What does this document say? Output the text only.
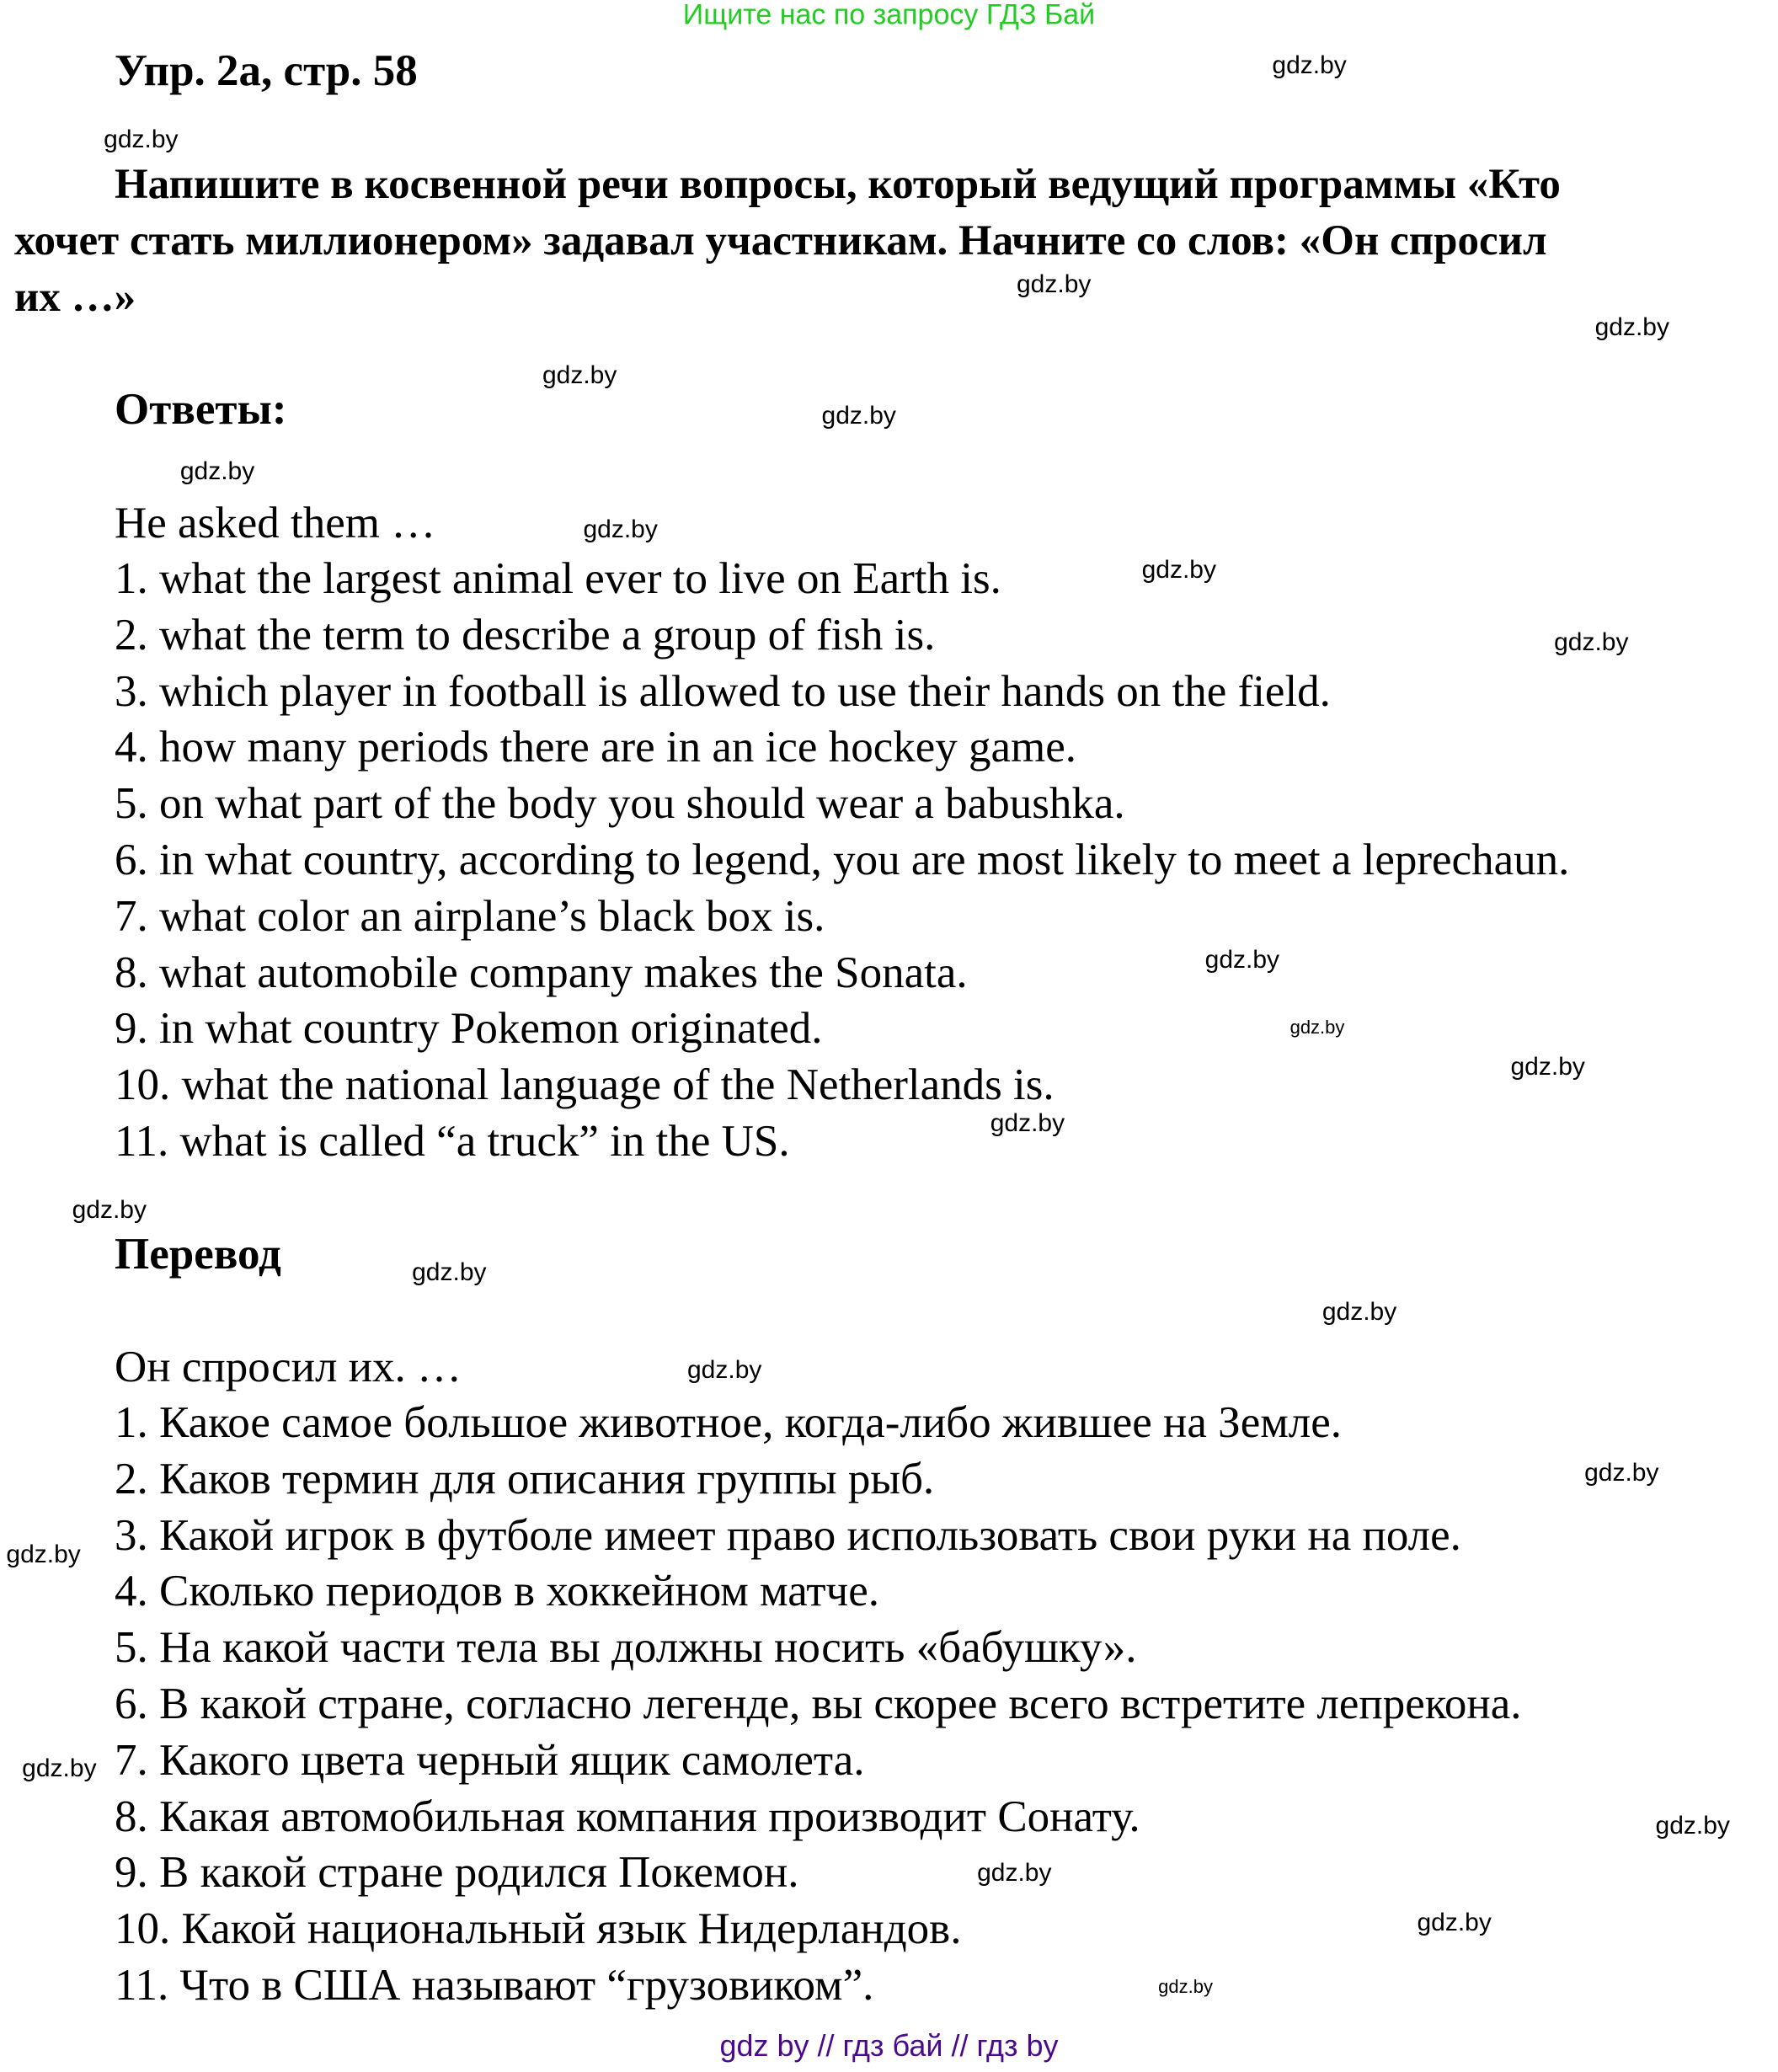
Ищите нас по запросу ГДЗ Бай
Упр. 2а, стр. 58
Напишите в косвенной речи вопросы, который ведущий программы «Кто
хочет стать миллионером» задавал участникам. Начните со слов: «Он спросил
их …»
Ответы:
He asked them …
1. what the largest animal ever to live on Earth is.
2. what the term to describe a group of fish is.
3. which player in football is allowed to use their hands on the field.
4. how many periods there are in an ice hockey game.
5. on what part of the body you should wear a babushka.
6. in what country, according to legend, you are most likely to meet a leprechaun.
7. what color an airplane’s black box is.
8. what automobile company makes the Sonata.
9. in what country Pokemon originated.
10. what the national language of the Netherlands is.
11. what is called “a truck” in the US.
Перевод
Он спросил их. …
1. Какое самое большое животное, когда-либо жившее на Земле.
2. Каков термин для описания группы рыб.
3. Какой игрок в футболе имеет право использовать свои руки на поле.
4. Сколько периодов в хоккейном матче.
5. На какой части тела вы должны носить «бабушку».
6. В какой стране, согласно легенде, вы скорее всего встретите лепрекона.
7. Какого цвета черный ящик самолета.
8. Какая автомобильная компания производит Сонату.
9. В какой стране родился Покемон.
10. Какой национальный язык Нидерландов.
11. Что в США называют “грузовиком”.
gdz.by
gdz.by
gdz.by
gdz.by
gdz.by
gdz.by
gdz.by
gdz.by
gdz.by
gdz.by
gdz.by
gdz.by
gdz.by
gdz.by
gdz.by
gdz.by
gdz.by
gdz.by
gdz.by
gdz.by
gdz.by
gdz.by
gdz.by
gdz.by
gdz.by
gdz by // гдз бай // гдз by
